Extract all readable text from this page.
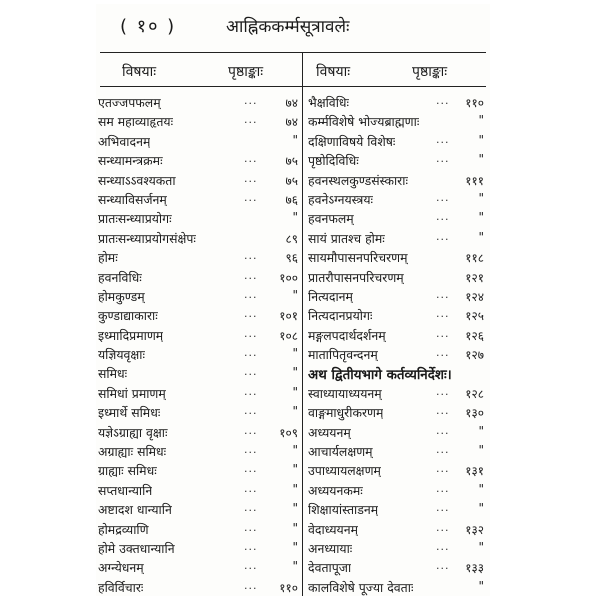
( १० )	आह्निककर्म्मसूत्रावलेः
विषयाः	पृष्ठाङ्काः	विषयाः	पृष्ठाङ्काः
एतज्जपफलम्	...	७४
सम महाव्याहृतयः	...	७४
अभिवादनम्	"
सन्ध्यामन्त्रक्रमः	...	७५
सन्ध्याऽऽवश्यकता	...	७५
सन्ध्याविसर्जनम्	...	७६
प्रातःसन्ध्याप्रयोगः	"
प्रातःसन्ध्याप्रयोगसंक्षेपः	८९
होमः	...	९६
हवनविधिः	...	१००
होमकुण्डम्	...	"
कुण्डाद्याकाराः	...	१०१
इध्मादिप्रमाणम्	...	१०८
यज्ञियवृक्षाः	...	"
समिधः	...	"
समिधां प्रमाणम्	...	"
इध्मार्थे समिधः	...	"
यज्ञेऽग्राह्या वृक्षाः	...	१०९
अग्राह्याः समिधः	...	"
ग्राह्याः समिधः	...	"
सप्तधान्यानि	...	"
अष्टादश धान्यानि	...	"
होमद्रव्याणि	...	"
होमे उक्तधान्यानि	...	"
अग्न्येधनम्	...	"
हविर्विचारः	...	११०
भैक्षविधिः	...	११०
कर्म्मविशेषे भोज्यब्राह्मणाः	"
दक्षिणाविषये विशेषः	...	"
पृष्ठोदिविधिः	...	"
हवनस्थलकुण्डसंस्काराः	१११
हवनेऽग्नयस्त्रयः	...	"
हवनफलम्	...	"
सायं प्रातश्च होमः	...	"
सायमौपासनपरिचरणम्	११८
प्रातरौपासनपरिचरणम्	१२१
नित्यदानम्	...	१२४
नित्यदानप्रयोगः	...	१२५
मङ्गलपदार्थदर्शनम्	...	१२६
मातापितृवन्दनम्	...	१२७
अथ द्वितीयभागे कर्तव्यनिर्देशः।
स्वाध्यायाध्ययनम्	...	१२८
वाङ्गमाधुरीकरणम्	...	१३०
अध्ययनम्	...	"
आचार्यलक्षणम्	...	"
उपाध्यायलक्षणम्	...	१३१
अध्ययनकमः	...	"
शिक्षायांस्ताडनम्	...	"
वेदाध्ययनम्	...	१३२
अनध्यायाः	...	"
देवतापूजा	...	१३३
कालविशेषे पूज्या देवताः	"
